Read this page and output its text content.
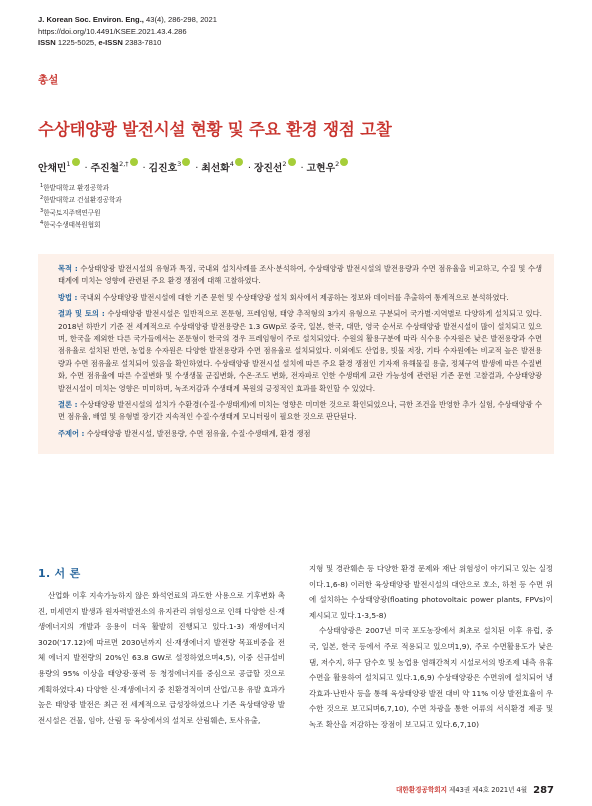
J. Korean Soc. Environ. Eng., 43(4), 286-298, 2021
https://doi.org/10.4491/KSEE.2021.43.4.286
ISSN 1225-5025, e-ISSN 2383-7810
총설
수상태양광 발전시설 현황 및 주요 환경 쟁점 고찰
안채민$^1$ · 주진철$^{2,\dagger}$ · 김진호$^3$ · 최선화$^4$ · 장진선$^2$ · 고현우$^2$
$^1$한밭대학교 환경공학과
$^2$한밭대학교 건설환경공학과
$^3$한국토지주택연구원
$^4$한국수생태복원협회

목적 : 수상태양광 발전시설의 유형과 특징, 국내외 설치사례를 조사·분석하여, 수상태양광 발전시설의 발전용량과 수면 점유율을 비교하고, 수질 및 수생태계에 미치는 영향에 관련된 주요 환경 쟁점에 대해 고찰하였다.

방법 : 국내외 수상태양광 발전시설에 대한 기존 문헌 및 수상태양광 설치 회사에서 제공하는 정보와 데이터를 추출하여 통계적으로 분석하였다.

결과 및 토의 : 수상태양광 발전시설은 일반적으로 폰툰형, 프레임형, 태양 추적형의 3가지 유형으로 구분되어 국가별·지역별로 다양하게 설치되고 있다. 2018년 하반기 기준 전 세계적으로 수상태양광 발전용량은 1.3 GWp로 중국, 일본, 한국, 대만, 영국 순서로 수상태양광 발전시설이 많이 설치되고 있으며, 한국을 제외한 다른 국가들에서는 폰툰형이 한국의 경우 프레임형이 주로 설치되었다. 수원의 활용구분에 따라 식수용 수자원은 낮은 발전용량과 수면점유율로 설치된 반면, 농업용 수자원은 다양한 발전용량과 수면 점유율로 설치되었다. 이외에도 산업용, 빗물 저장, 기타 수자원에는 비교적 높은 발전용량과 수면 점유율로 설치되어 있음을 확인하였다. 수상태양광 발전시설 설치에 따른 주요 환경 쟁점인 기자재 유해물질 용출, 정체구역 발생에 따른 수질변화, 수면 점유율에 따른 수질변화 및 수생생물 군집변화, 수온·조도 변화, 전자파로 인한 수생태계 교란 가능성에 관련된 기존 문헌 고찰결과, 수상태양광 발전시설이 미치는 영향은 미미하며, 녹조저감과 수생태계 복원의 긍정적인 효과를 확인할 수 있었다.

결론 : 수상태양광 발전시설의 설치가 수환경(수질·수생태계)에 미치는 영향은 미미한 것으로 확인되었으나, 극한 조건을 반영한 추가 실험, 수상태양광 수면 점유율, 배열 및 유형별 장기간 지속적인 수질·수생태계 모니터링이 필요한 것으로 판단된다.

주제어 : 수상태양광 발전시설, 발전용량, 수면 점유율, 수질·수생태계, 환경 쟁점

1. 서 론

산업화 이후 지속가능하지 않은 화석연료의 과도한 사용으로 기후변화 촉진, 미세먼지 발생과 원자력발전소의 유지관리 위험성으로 인해 다양한 신·재생에너지의 개발과 응용이 더욱 활발히 진행되고 있다.1-3) 재생에너지 3020('17.12)에 따르면 2030년까지 신·재생에너지 발전량 목표비중을 전체 에너지 발전량의 20%인 63.8 GW로 설정하였으며4,5), 이중 신규설비 용량의 95% 이상을 태양광·풍력 등 청정에너지를 중심으로 공급할 것으로 계획하였다.4) 다양한 신·재생에너지 중 친환경적이며 산업/고용 유발 효과가 높은 태양광 발전은 최근 전 세계적으로 급성장하였으나 기존 육상태양광 발전시설은 건물, 임야, 산림 등 육상에서의 설치로 산림훼손, 토사유출,

지형 및 경관훼손 등 다양한 환경 문제와 재난 위험성이 야기되고 있는 실정이다.1,6-8) 이러한 육상태양광 발전시설의 대안으로 호소, 하천 등 수면 위에 설치하는 수상태양광(floating photovoltaic power plants, FPVs)이 제시되고 있다.1-3,5-8)

수상태양광은 2007년 미국 포도농장에서 최초로 설치된 이후 유럽, 중국, 일본, 한국 등에서 주로 적용되고 있으며1,9), 주로 수면활용도가 낮은 댐, 저수지, 하구 담수호 및 농업용 염해간척지 시설로서의 방조제 내측 유휴수면을 활용하여 설치되고 있다.1,6,9) 수상태양광은 수면위에 설치되어 냉각효과·난반사 등을 통해 육상태양광 발전 대비 약 11% 이상 발전효율이 우수한 것으로 보고되며6,7,10), 수면 차광을 통한 어류의 서식환경 제공 및 녹조 확산을 저감하는 장점이 보고되고 있다.6,7,10)

대한환경공학회지 제43권 제4호 2021년 4월 287
